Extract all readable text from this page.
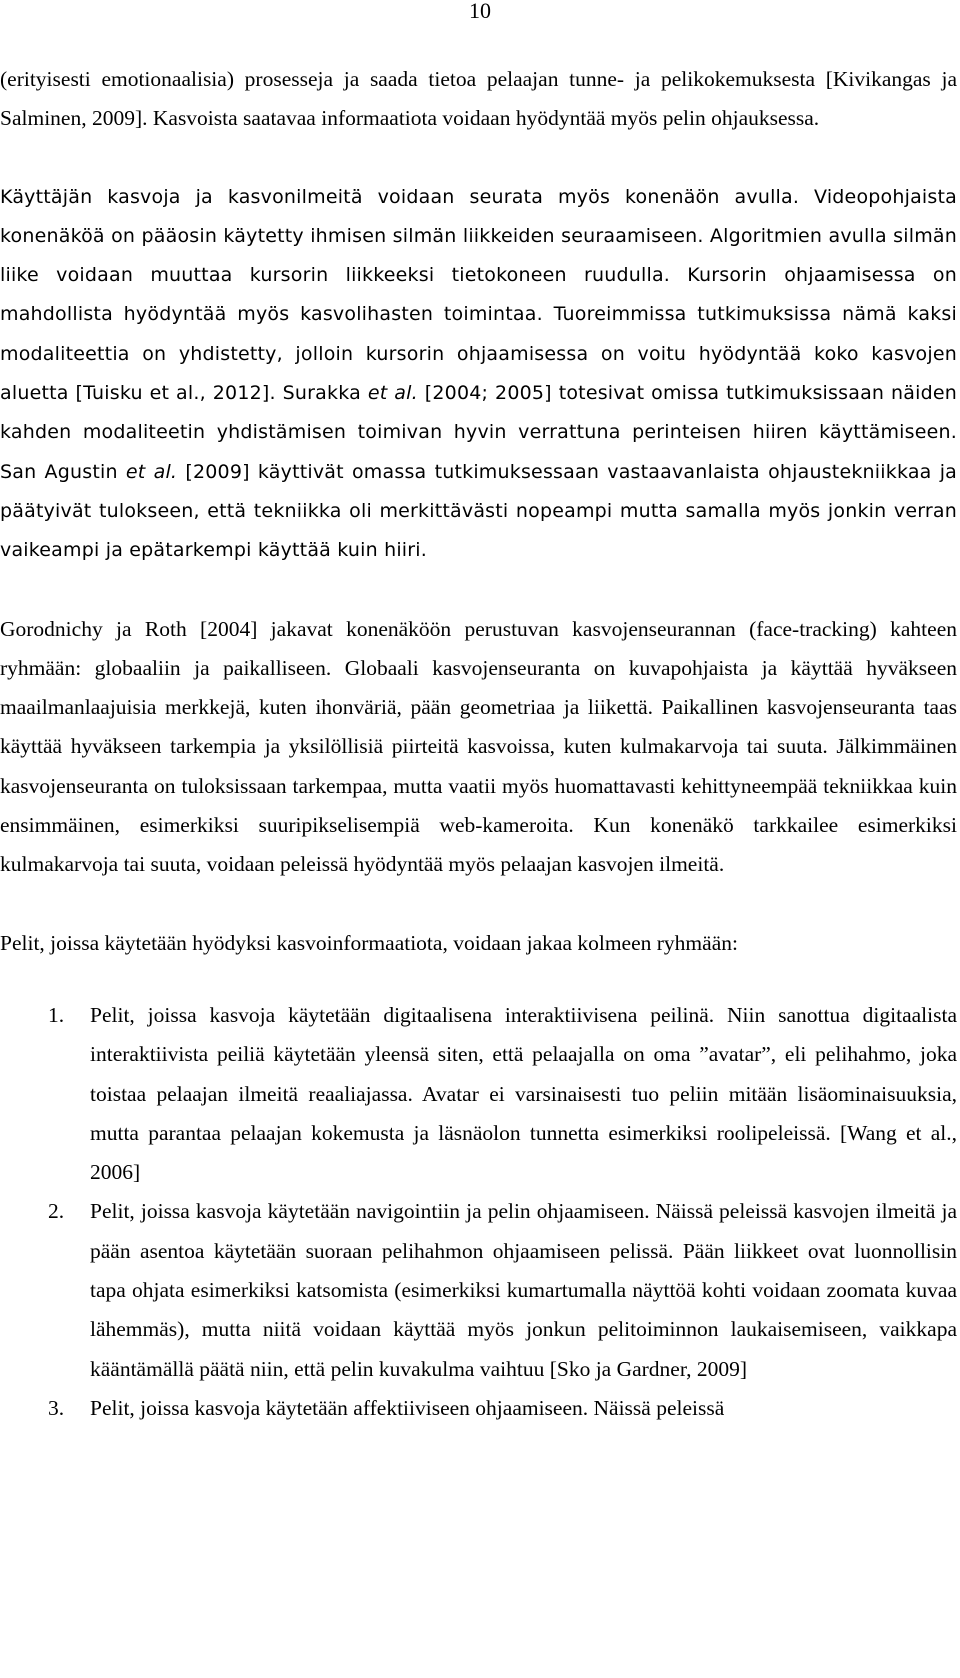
10

(erityisesti emotionaalisia) prosesseja ja saada tietoa pelaajan tunne- ja pelikokemuksesta [Kivikangas ja Salminen, 2009]. Kasvoista saatavaa informaatiota voidaan hyödyntää myös pelin ohjauksessa.

Käyttäjän kasvoja ja kasvonilmeitä voidaan seurata myös konenäön avulla. Videopohjaista konenäköä on pääosin käytetty ihmisen silmän liikkeiden seuraamiseen. Algoritmien avulla silmän liike voidaan muuttaa kursorin liikkeeksi tietokoneen ruudulla. Kursorin ohjaamisessa on mahdollista hyödyntää myös kasvolihasten toimintaa. Tuoreimmissa tutkimuksissa nämä kaksi modaliteettia on yhdistetty, jolloin kursorin ohjaamisessa on voitu hyödyntää koko kasvojen aluetta [Tuisku et al., 2012]. Surakka et al. [2004; 2005] totesivat omissa tutkimuksissaan näiden kahden modaliteetin yhdistämisen toimivan hyvin verrattuna perinteisen hiiren käyttämiseen. San Agustin et al. [2009] käyttivät omassa tutkimuksessaan vastaavanlaista ohjaustekniikkaa ja päätyivät tulokseen, että tekniikka oli merkittävästi nopeampi mutta samalla myös jonkin verran vaikeampi ja epätarkempi käyttää kuin hiiri.

Gorodnichy ja Roth [2004] jakavat konenäköön perustuvan kasvojenseurannan (face-tracking) kahteen ryhmään: globaaliin ja paikalliseen. Globaali kasvojenseuranta on kuvapohjaista ja käyttää hyväkseen maailmanlaajuisia merkkejä, kuten ihonväriä, pään geometriaa ja liikettä. Paikallinen kasvojenseuranta taas käyttää hyväkseen tarkempia ja yksilöllisiä piirteitä kasvoissa, kuten kulmakarvoja tai suuta. Jälkimmäinen kasvojenseuranta on tuloksissaan tarkempaa, mutta vaatii myös huomattavasti kehittyneempää tekniikkaa kuin ensimmäinen, esimerkiksi suuripikselisempiä web-kameroita. Kun konenäkö tarkkailee esimerkiksi kulmakarvoja tai suuta, voidaan peleissä hyödyntää myös pelaajan kasvojen ilmeitä.

Pelit, joissa käytetään hyödyksi kasvoinformaatiota, voidaan jakaa kolmeen ryhmään:

1. Pelit, joissa kasvoja käytetään digitaalisena interaktiivisena peilinä. Niin sanottua digitaalista interaktiivista peiliä käytetään yleensä siten, että pelaajalla on oma ”avatar”, eli pelihahmo, joka toistaa pelaajan ilmeitä reaaliajassa. Avatar ei varsinaisesti tuo peliin mitään lisäominaisuuksia, mutta parantaa pelaajan kokemusta ja läsnäolon tunnetta esimerkiksi roolipeleissä. [Wang et al., 2006]
2. Pelit, joissa kasvoja käytetään navigointiin ja pelin ohjaamiseen. Näissä peleissä kasvojen ilmeitä ja pään asentoa käytetään suoraan pelihahmon ohjaamiseen pelissä. Pään liikkeet ovat luonnollisin tapa ohjata esimerkiksi katsomista (esimerkiksi kumartumalla näyttöä kohti voidaan zoomata kuvaa lähemmäs), mutta niitä voidaan käyttää myös jonkun pelitoiminnon laukaisemiseen, vaikkapa kääntämällä päätä niin, että pelin kuvakulma vaihtuu [Sko ja Gardner, 2009]
3. Pelit, joissa kasvoja käytetään affektiiviseen ohjaamiseen. Näissä peleissä
